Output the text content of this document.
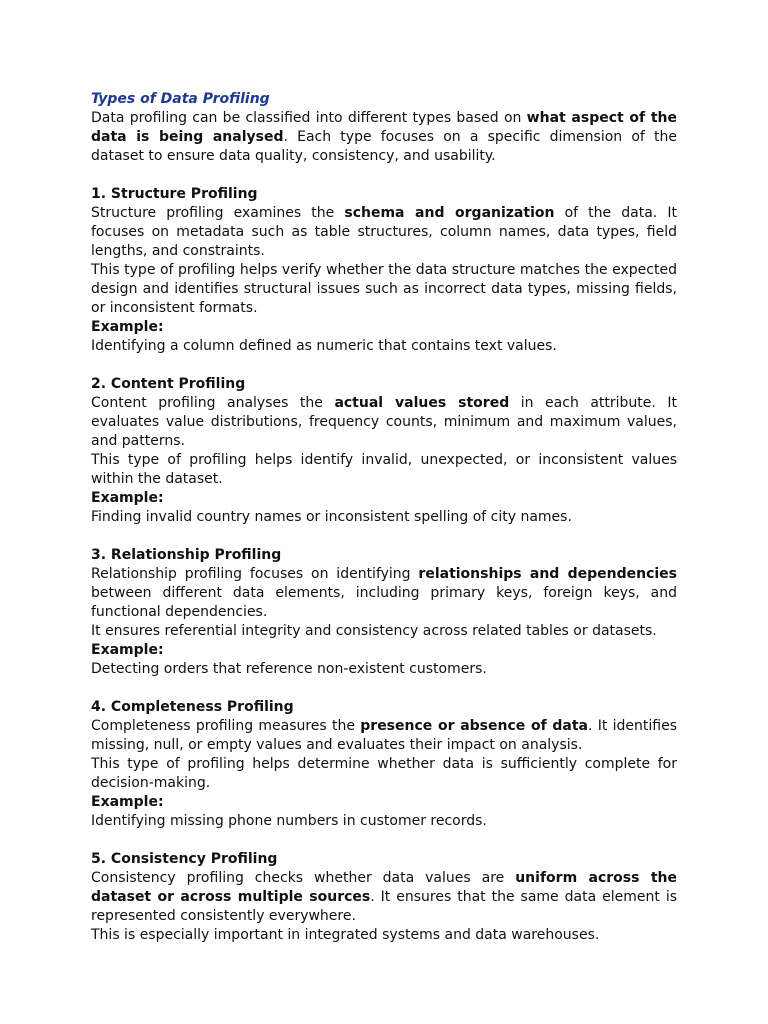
Types of Data Profiling

Data profiling can be classified into different types based on what aspect of the data is being analysed. Each type focuses on a specific dimension of the dataset to ensure data quality, consistency, and usability.

1. Structure Profiling

Structure profiling examines the schema and organization of the data. It focuses on metadata such as table structures, column names, data types, field lengths, and constraints.

This type of profiling helps verify whether the data structure matches the expected design and identifies structural issues such as incorrect data types, missing fields, or inconsistent formats.

Example:

Identifying a column defined as numeric that contains text values.

2. Content Profiling

Content profiling analyses the actual values stored in each attribute. It evaluates value distributions, frequency counts, minimum and maximum values, and patterns.

This type of profiling helps identify invalid, unexpected, or inconsistent values within the dataset.

Example:

Finding invalid country names or inconsistent spelling of city names.

3. Relationship Profiling

Relationship profiling focuses on identifying relationships and dependencies between different data elements, including primary keys, foreign keys, and functional dependencies.

It ensures referential integrity and consistency across related tables or datasets.

Example:

Detecting orders that reference non-existent customers.

4. Completeness Profiling

Completeness profiling measures the presence or absence of data. It identifies missing, null, or empty values and evaluates their impact on analysis.

This type of profiling helps determine whether data is sufficiently complete for decision-making.

Example:

Identifying missing phone numbers in customer records.

5. Consistency Profiling

Consistency profiling checks whether data values are uniform across the dataset or across multiple sources. It ensures that the same data element is represented consistently everywhere.

This is especially important in integrated systems and data warehouses.
